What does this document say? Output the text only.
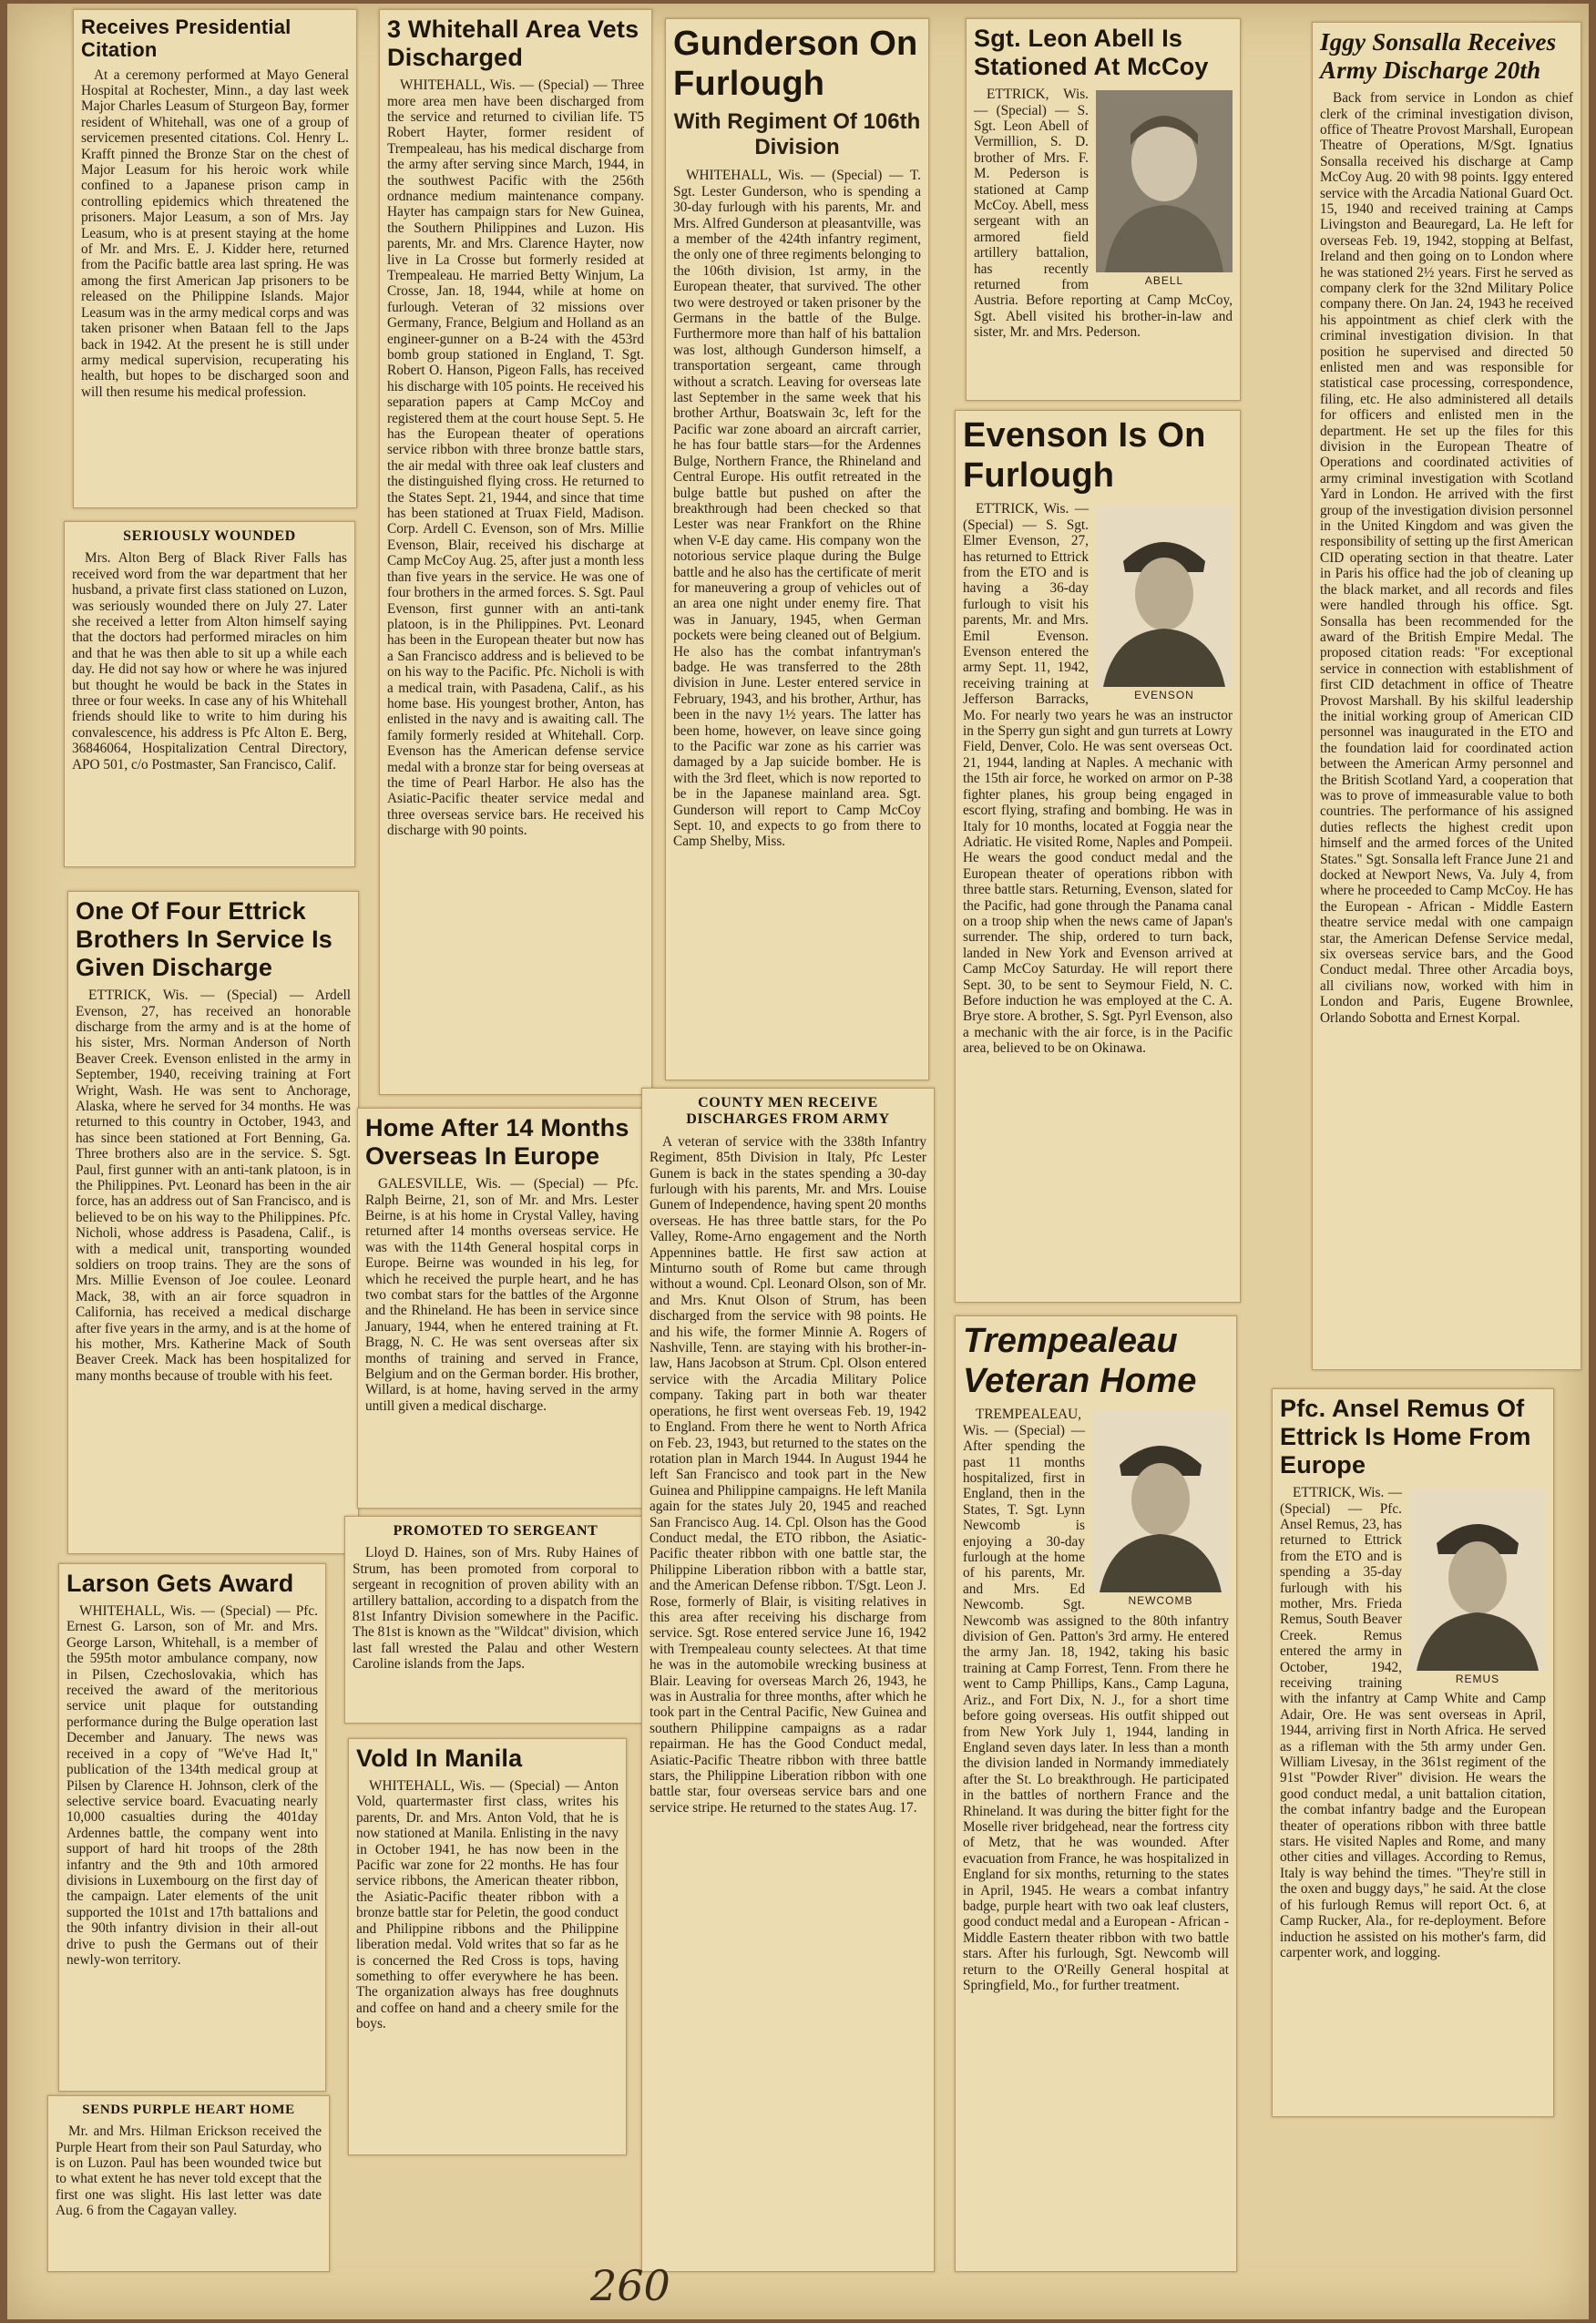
Receives Presidential Citation

At a ceremony performed at Mayo General Hospital at Rochester, Minn., a day last week Major Charles Leasum of Sturgeon Bay, former resident of Whitehall, was one of a group of servicemen presented citations. Col. Henry L. Krafft pinned the Bronze Star on the chest of Major Leasum for his heroic work while confined to a Japanese prison camp in controlling epidemics which threatened the prisoners. Major Leasum, a son of Mrs. Jay Leasum, who is at present staying at the home of Mr. and Mrs. E. J. Kidder here, returned from the Pacific battle area last spring. He was among the first American Jap prisoners to be released on the Philippine Islands. Major Leasum was in the army medical corps and was taken prisoner when Bataan fell to the Japs back in 1942. At the present he is still under army medical supervision, recuperating his health, but hopes to be discharged soon and will then resume his medical profession.

SERIOUSLY WOUNDED

Mrs. Alton Berg of Black River Falls has received word from the war department that her husband, a private first class stationed on Luzon, was seriously wounded there on July 27. Later she received a letter from Alton himself saying that the doctors had performed miracles on him and that he was then able to sit up a while each day. He did not say how or where he was injured but thought he would be back in the States in three or four weeks. In case any of his Whitehall friends should like to write to him during his convalescence, his address is Pfc Alton E. Berg, 36846064, Hospitalization Central Directory, APO 501, c/o Postmaster, San Francisco, Calif.

One Of Four Ettrick Brothers In Service Is Given Discharge

ETTRICK, Wis. — (Special) — Ardell Evenson, 27, has received an honorable discharge from the army and is at the home of his sister, Mrs. Norman Anderson of North Beaver Creek. Evenson enlisted in the army in September, 1940, receiving training at Fort Wright, Wash. He was sent to Anchorage, Alaska, where he served for 34 months. He was returned to this country in October, 1943, and has since been stationed at Fort Benning, Ga. Three brothers also are in the service. S. Sgt. Paul, first gunner with an anti-tank platoon, is in the Philippines. Pvt. Leonard has been in the air force, has an address out of San Francisco, and is believed to be on his way to the Philippines. Pfc. Nicholi, whose address is Pasadena, Calif., is with a medical unit, transporting wounded soldiers on troop trains. They are the sons of Mrs. Millie Evenson of Joe coulee. Leonard Mack, 38, with an air force squadron in California, has received a medical discharge after five years in the army, and is at the home of his mother, Mrs. Katherine Mack of South Beaver Creek. Mack has been hospitalized for many months because of trouble with his feet.

Larson Gets Award

WHITEHALL, Wis. — (Special) — Pfc. Ernest G. Larson, son of Mr. and Mrs. George Larson, Whitehall, is a member of the 595th motor ambulance company, now in Pilsen, Czechoslovakia, which has received the award of the meritorious service unit plaque for outstanding performance during the Bulge operation last December and January. The news was received in a copy of "We've Had It," publication of the 134th medical group at Pilsen by Clarence H. Johnson, clerk of the selective service board. Evacuating nearly 10,000 casualties during the 401day Ardennes battle, the company went into support of hard hit troops of the 28th infantry and the 9th and 10th armored divisions in Luxembourg on the first day of the campaign. Later elements of the unit supported the 101st and 17th battalions and the 90th infantry division in their all-out drive to push the Germans out of their newly-won territory.

SENDS PURPLE HEART HOME

Mr. and Mrs. Hilman Erickson received the Purple Heart from their son Paul Saturday, who is on Luzon. Paul has been wounded twice but to what extent he has never told except that the first one was slight. His last letter was date Aug. 6 from the Cagayan valley.

3 Whitehall Area Vets Discharged

WHITEHALL, Wis. — (Special) — Three more area men have been discharged from the service and returned to civilian life. T5 Robert Hayter, former resident of Trempealeau, has his medical discharge from the army after serving since March, 1944, in the southwest Pacific with the 256th ordnance medium maintenance company. Hayter has campaign stars for New Guinea, the Southern Philippines and Luzon. His parents, Mr. and Mrs. Clarence Hayter, now live in La Crosse but formerly resided at Trempealeau. He married Betty Winjum, La Crosse, Jan. 18, 1944, while at home on furlough. Veteran of 32 missions over Germany, France, Belgium and Holland as an engineer-gunner on a B-24 with the 453rd bomb group stationed in England, T. Sgt. Robert O. Hanson, Pigeon Falls, has received his discharge with 105 points. He received his separation papers at Camp McCoy and registered them at the court house Sept. 5. He has the European theater of operations service ribbon with three bronze battle stars, the air medal with three oak leaf clusters and the distinguished flying cross. He returned to the States Sept. 21, 1944, and since that time has been stationed at Truax Field, Madison. Corp. Ardell C. Evenson, son of Mrs. Millie Evenson, Blair, received his discharge at Camp McCoy Aug. 25, after just a month less than five years in the service. He was one of four brothers in the armed forces. S. Sgt. Paul Evenson, first gunner with an anti-tank platoon, is in the Philippines. Pvt. Leonard has been in the European theater but now has a San Francisco address and is believed to be on his way to the Pacific. Pfc. Nicholi is with a medical train, with Pasadena, Calif., as his home base. His youngest brother, Anton, has enlisted in the navy and is awaiting call. The family formerly resided at Whitehall. Corp. Evenson has the American defense service medal with a bronze star for being overseas at the time of Pearl Harbor. He also has the Asiatic-Pacific theater service medal and three overseas service bars. He received his discharge with 90 points.

Home After 14 Months Overseas In Europe

GALESVILLE, Wis. — (Special) — Pfc. Ralph Beirne, 21, son of Mr. and Mrs. Lester Beirne, is at his home in Crystal Valley, having returned after 14 months overseas service. He was with the 114th General hospital corps in Europe. Beirne was wounded in his leg, for which he received the purple heart, and he has two combat stars for the battles of the Argonne and the Rhineland. He has been in service since January, 1944, when he entered training at Ft. Bragg, N. C. He was sent overseas after six months of training and served in France, Belgium and on the German border. His brother, Willard, is at home, having served in the army untill given a medical discharge.

PROMOTED TO SERGEANT

Lloyd D. Haines, son of Mrs. Ruby Haines of Strum, has been promoted from corporal to sergeant in recognition of proven ability with an artillery battalion, according to a dispatch from the 81st Infantry Division somewhere in the Pacific. The 81st is known as the "Wildcat" division, which last fall wrested the Palau and other Western Caroline islands from the Japs.

Vold In Manila

WHITEHALL, Wis. — (Special) — Anton Vold, quartermaster first class, writes his parents, Dr. and Mrs. Anton Vold, that he is now stationed at Manila. Enlisting in the navy in October 1941, he has now been in the Pacific war zone for 22 months. He has four service ribbons, the American theater ribbon, the Asiatic-Pacific theater ribbon with a bronze battle star for Peletin, the good conduct and Philippine ribbons and the Philippine liberation medal. Vold writes that so far as he is concerned the Red Cross is tops, having something to offer everywhere he has been. The organization always has free doughnuts and coffee on hand and a cheery smile for the boys.

Gunderson On Furlough
With Regiment Of 106th Division

WHITEHALL, Wis. — (Special) — T. Sgt. Lester Gunderson, who is spending a 30-day furlough with his parents, Mr. and Mrs. Alfred Gunderson at pleasantville, was a member of the 424th infantry regiment, the only one of three regiments belonging to the 106th division, 1st army, in the European theater, that survived. The other two were destroyed or taken prisoner by the Germans in the battle of the Bulge. Furthermore more than half of his battalion was lost, although Gunderson himself, a transportation sergeant, came through without a scratch. Leaving for overseas late last September in the same week that his brother Arthur, Boatswain 3c, left for the Pacific war zone aboard an aircraft carrier, he has four battle stars—for the Ardennes Bulge, Northern France, the Rhineland and Central Europe. His outfit retreated in the bulge battle but pushed on after the breakthrough had been checked so that Lester was near Frankfort on the Rhine when V-E day came. His company won the notorious service plaque during the Bulge battle and he also has the certificate of merit for maneuvering a group of vehicles out of an area one night under enemy fire. That was in January, 1945, when German pockets were being cleaned out of Belgium. He also has the combat infantryman's badge. He was transferred to the 28th division in June. Lester entered service in February, 1943, and his brother, Arthur, has been in the navy 1½ years. The latter has been home, however, on leave since going to the Pacific war zone as his carrier was damaged by a Jap suicide bomber. He is with the 3rd fleet, which is now reported to be in the Japanese mainland area. Sgt. Gunderson will report to Camp McCoy Sept. 10, and expects to go from there to Camp Shelby, Miss.

COUNTY MEN RECEIVE DISCHARGES FROM ARMY

A veteran of service with the 338th Infantry Regiment, 85th Division in Italy, Pfc Lester Gunem is back in the states spending a 30-day furlough with his parents, Mr. and Mrs. Louise Gunem of Independence, having spent 20 months overseas. He has three battle stars, for the Po Valley, Rome-Arno engagement and the North Appennines battle. He first saw action at Minturno south of Rome but came through without a wound. Cpl. Leonard Olson, son of Mr. and Mrs. Knut Olson of Strum, has been discharged from the service with 98 points. He and his wife, the former Minnie A. Rogers of Nashville, Tenn. are staying with his brother-in-law, Hans Jacobson at Strum. Cpl. Olson entered service with the Arcadia Military Police company. Taking part in both war theater operations, he first went overseas Feb. 19, 1942 to England. From there he went to North Africa on Feb. 23, 1943, but returned to the states on the rotation plan in March 1944. In August 1944 he left San Francisco and took part in the New Guinea and Philippine campaigns. He left Manila again for the states July 20, 1945 and reached San Francisco Aug. 14. Cpl. Olson has the Good Conduct medal, the ETO ribbon, the Asiatic-Pacific theater ribbon with one battle star, the Philippine Liberation ribbon with a battle star, and the American Defense ribbon. T/Sgt. Leon J. Rose, formerly of Blair, is visiting relatives in this area after receiving his discharge from service. Sgt. Rose entered service June 16, 1942 with Trempealeau county selectees. At that time he was in the automobile wrecking business at Blair. Leaving for overseas March 26, 1943, he was in Australia for three months, after which he took part in the Central Pacific, New Guinea and southern Philippine campaigns as a radar repairman. He has the Good Conduct medal, Asiatic-Pacific Theatre ribbon with three battle stars, the Philippine Liberation ribbon with one battle star, four overseas service bars and one service stripe. He returned to the states Aug. 17.

Sgt. Leon Abell Is Stationed At McCoy
ABELL

ETTRICK, Wis. — (Special) — S. Sgt. Leon Abell of Vermillion, S. D. brother of Mrs. F. M. Pederson is stationed at Camp McCoy. Abell, mess sergeant with an armored field artillery battalion, has recently returned from Austria. Before reporting at Camp McCoy, Sgt. Abell visited his brother-in-law and sister, Mr. and Mrs. Pederson.

Evenson Is On Furlough
EVENSON

ETTRICK, Wis. — (Special) — S. Sgt. Elmer Evenson, 27, has returned to Ettrick from the ETO and is having a 36-day furlough to visit his parents, Mr. and Mrs. Emil Evenson. Evenson entered the army Sept. 11, 1942, receiving training at Jefferson Barracks, Mo. For nearly two years he was an instructor in the Sperry gun sight and gun turrets at Lowry Field, Denver, Colo. He was sent overseas Oct. 21, 1944, landing at Naples. A mechanic with the 15th air force, he worked on armor on P-38 fighter planes, his group being engaged in escort flying, strafing and bombing. He was in Italy for 10 months, located at Foggia near the Adriatic. He visited Rome, Naples and Pompeii. He wears the good conduct medal and the European theater of operations ribbon with three battle stars. Returning, Evenson, slated for the Pacific, had gone through the Panama canal on a troop ship when the news came of Japan's surrender. The ship, ordered to turn back, landed in New York and Evenson arrived at Camp McCoy Saturday. He will report there Sept. 30, to be sent to Seymour Field, N. C. Before induction he was employed at the C. A. Brye store. A brother, S. Sgt. Pyrl Evenson, also a mechanic with the air force, is in the Pacific area, believed to be on Okinawa.

Trempealeau Veteran Home
NEWCOMB

TREMPEALEAU, Wis. — (Special) — After spending the past 11 months hospitalized, first in England, then in the States, T. Sgt. Lynn Newcomb is enjoying a 30-day furlough at the home of his parents, Mr. and Mrs. Ed Newcomb. Sgt. Newcomb was assigned to the 80th infantry division of Gen. Patton's 3rd army. He entered the army Jan. 18, 1942, taking his basic training at Camp Forrest, Tenn. From there he went to Camp Phillips, Kans., Camp Laguna, Ariz., and Fort Dix, N. J., for a short time before going overseas. His outfit shipped out from New York July 1, 1944, landing in England seven days later. In less than a month the division landed in Normandy immediately after the St. Lo breakthrough. He participated in the battles of northern France and the Rhineland. It was during the bitter fight for the Moselle river bridgehead, near the fortress city of Metz, that he was wounded. After evacuation from France, he was hospitalized in England for six months, returning to the states in April, 1945. He wears a combat infantry badge, purple heart with two oak leaf clusters, good conduct medal and a European - African - Middle Eastern theater ribbon with two battle stars. After his furlough, Sgt. Newcomb will return to the O'Reilly General hospital at Springfield, Mo., for further treatment.

Iggy Sonsalla Receives Army Discharge 20th

Back from service in London as chief clerk of the criminal investigation divison, office of Theatre Provost Marshall, European Theatre of Operations, M/Sgt. Ignatius Sonsalla received his discharge at Camp McCoy Aug. 20 with 98 points. Iggy entered service with the Arcadia National Guard Oct. 15, 1940 and received training at Camps Livingston and Beauregard, La. He left for overseas Feb. 19, 1942, stopping at Belfast, Ireland and then going on to London where he was stationed 2½ years. First he served as company clerk for the 32nd Military Police company there. On Jan. 24, 1943 he received his appointment as chief clerk with the criminal investigation division. In that position he supervised and directed 50 enlisted men and was responsible for statistical case processing, correspondence, filing, etc. He also administered all details for officers and enlisted men in the department. He set up the files for this division in the European Theatre of Operations and coordinated activities of army criminal investigation with Scotland Yard in London. He arrived with the first group of the investigation division personnel in the United Kingdom and was given the responsibility of setting up the first American CID operating section in that theatre. Later in Paris his office had the job of cleaning up the black market, and all records and files were handled through his office. Sgt. Sonsalla has been recommended for the award of the British Empire Medal. The proposed citation reads: "For exceptional service in connection with establishment of first CID detachment in office of Theatre Provost Marshall. By his skilful leadership the initial working group of American CID personnel was inaugurated in the ETO and the foundation laid for coordinated action between the American Army personnel and the British Scotland Yard, a cooperation that was to prove of immeasurable value to both countries. The performance of his assigned duties reflects the highest credit upon himself and the armed forces of the United States." Sgt. Sonsalla left France June 21 and docked at Newport News, Va. July 4, from where he proceeded to Camp McCoy. He has the European - African - Middle Eastern theatre service medal with one campaign star, the American Defense Service medal, six overseas service bars, and the Good Conduct medal. Three other Arcadia boys, all civilians now, worked with him in London and Paris, Eugene Brownlee, Orlando Sobotta and Ernest Korpal.

Pfc. Ansel Remus Of Ettrick Is Home From Europe
REMUS

ETTRICK, Wis. — (Special) — Pfc. Ansel Remus, 23, has returned to Ettrick from the ETO and is spending a 35-day furlough with his mother, Mrs. Frieda Remus, South Beaver Creek. Remus entered the army in October, 1942, receiving training with the infantry at Camp White and Camp Adair, Ore. He was sent overseas in April, 1944, arriving first in North Africa. He served as a rifleman with the 5th army under Gen. William Livesay, in the 361st regiment of the 91st "Powder River" division. He wears the good conduct medal, a unit battalion citation, the combat infantry badge and the European theater of operations ribbon with three battle stars. He visited Naples and Rome, and many other cities and villages. According to Remus, Italy is way behind the times. "They're still in the oxen and buggy days," he said. At the close of his furlough Remus will report Oct. 6, at Camp Rucker, Ala., for re-deployment. Before induction he assisted on his mother's farm, did carpenter work, and logging.

260
